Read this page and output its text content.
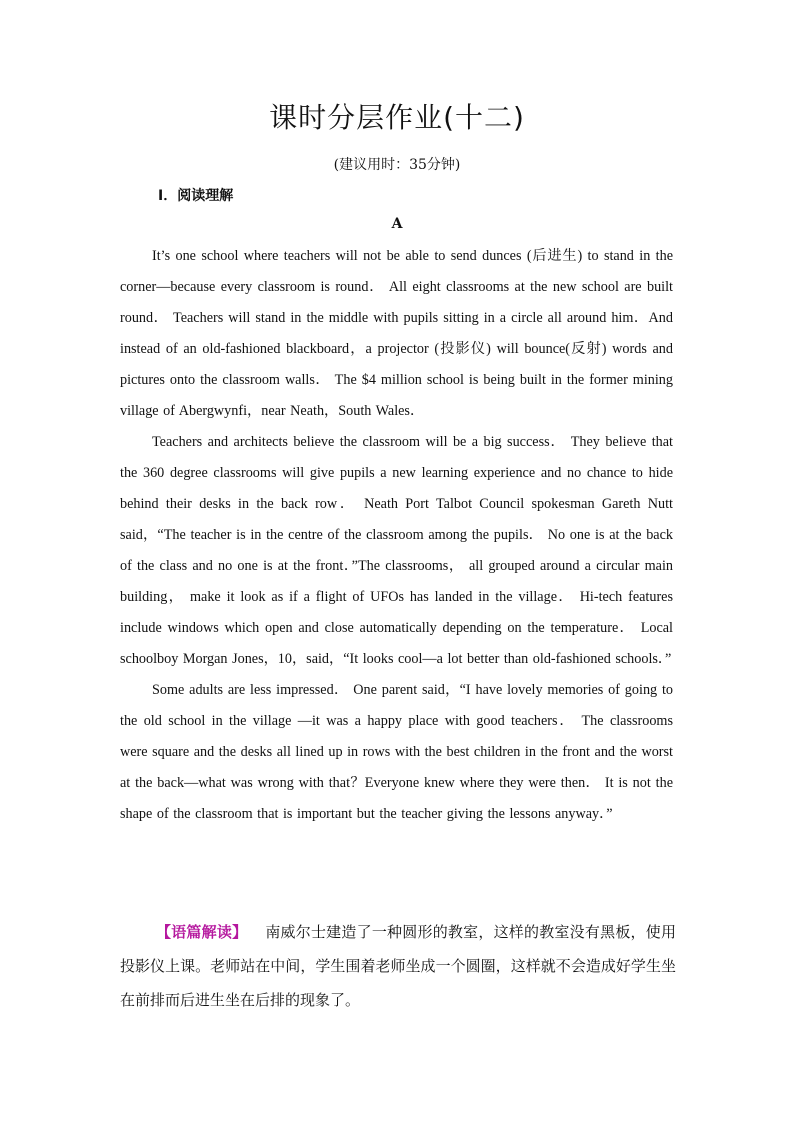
课时分层作业(十二)
(建议用时：35分钟)
Ⅰ．阅读理解
A

It’s one school where teachers will not be able to send dunces (后进生) to stand in the corner—because every classroom is round． All eight classrooms at the new school are built round． Teachers will stand in the middle with pupils sitting in a circle all around him．And instead of an old-fashioned blackboard，a projector (投影仪) will bounce(反射) words and pictures onto the classroom walls． The $4 million school is being built in the former mining village of Abergwynfi，near Neath，South Wales．

Teachers and architects believe the classroom will be a big success． They believe that the 360 degree classrooms will give pupils a new learning experience and no chance to hide behind their desks in the back row． Neath Port Talbot Council spokesman Gareth Nutt said，“The teacher is in the centre of the classroom among the pupils． No one is at the back of the class and no one is at the front．”The classrooms， all grouped around a circular main building， make it look as if a flight of UFOs has landed in the village． Hi-tech features include windows which open and close automatically depending on the temperature． Local schoolboy Morgan Jones，10，said，“It looks cool—a lot better than old-fashioned schools．”

Some adults are less impressed． One parent said，“I have lovely memories of going to the old school in the village —it was a happy place with good teachers． The classrooms were square and the desks all lined up in rows with the best children in the front and the worst at the back—what was wrong with that？Everyone knew where they were then． It is not the shape of the classroom that is important but the teacher giving the lessons anyway．”

【语篇解读】 南威尔士建造了一种圆形的教室，这样的教室没有黑板，使用投影仪上课。老师站在中间，学生围着老师坐成一个圆圈，这样就不会造成好学生坐在前排而后进生坐在后排的现象了。
